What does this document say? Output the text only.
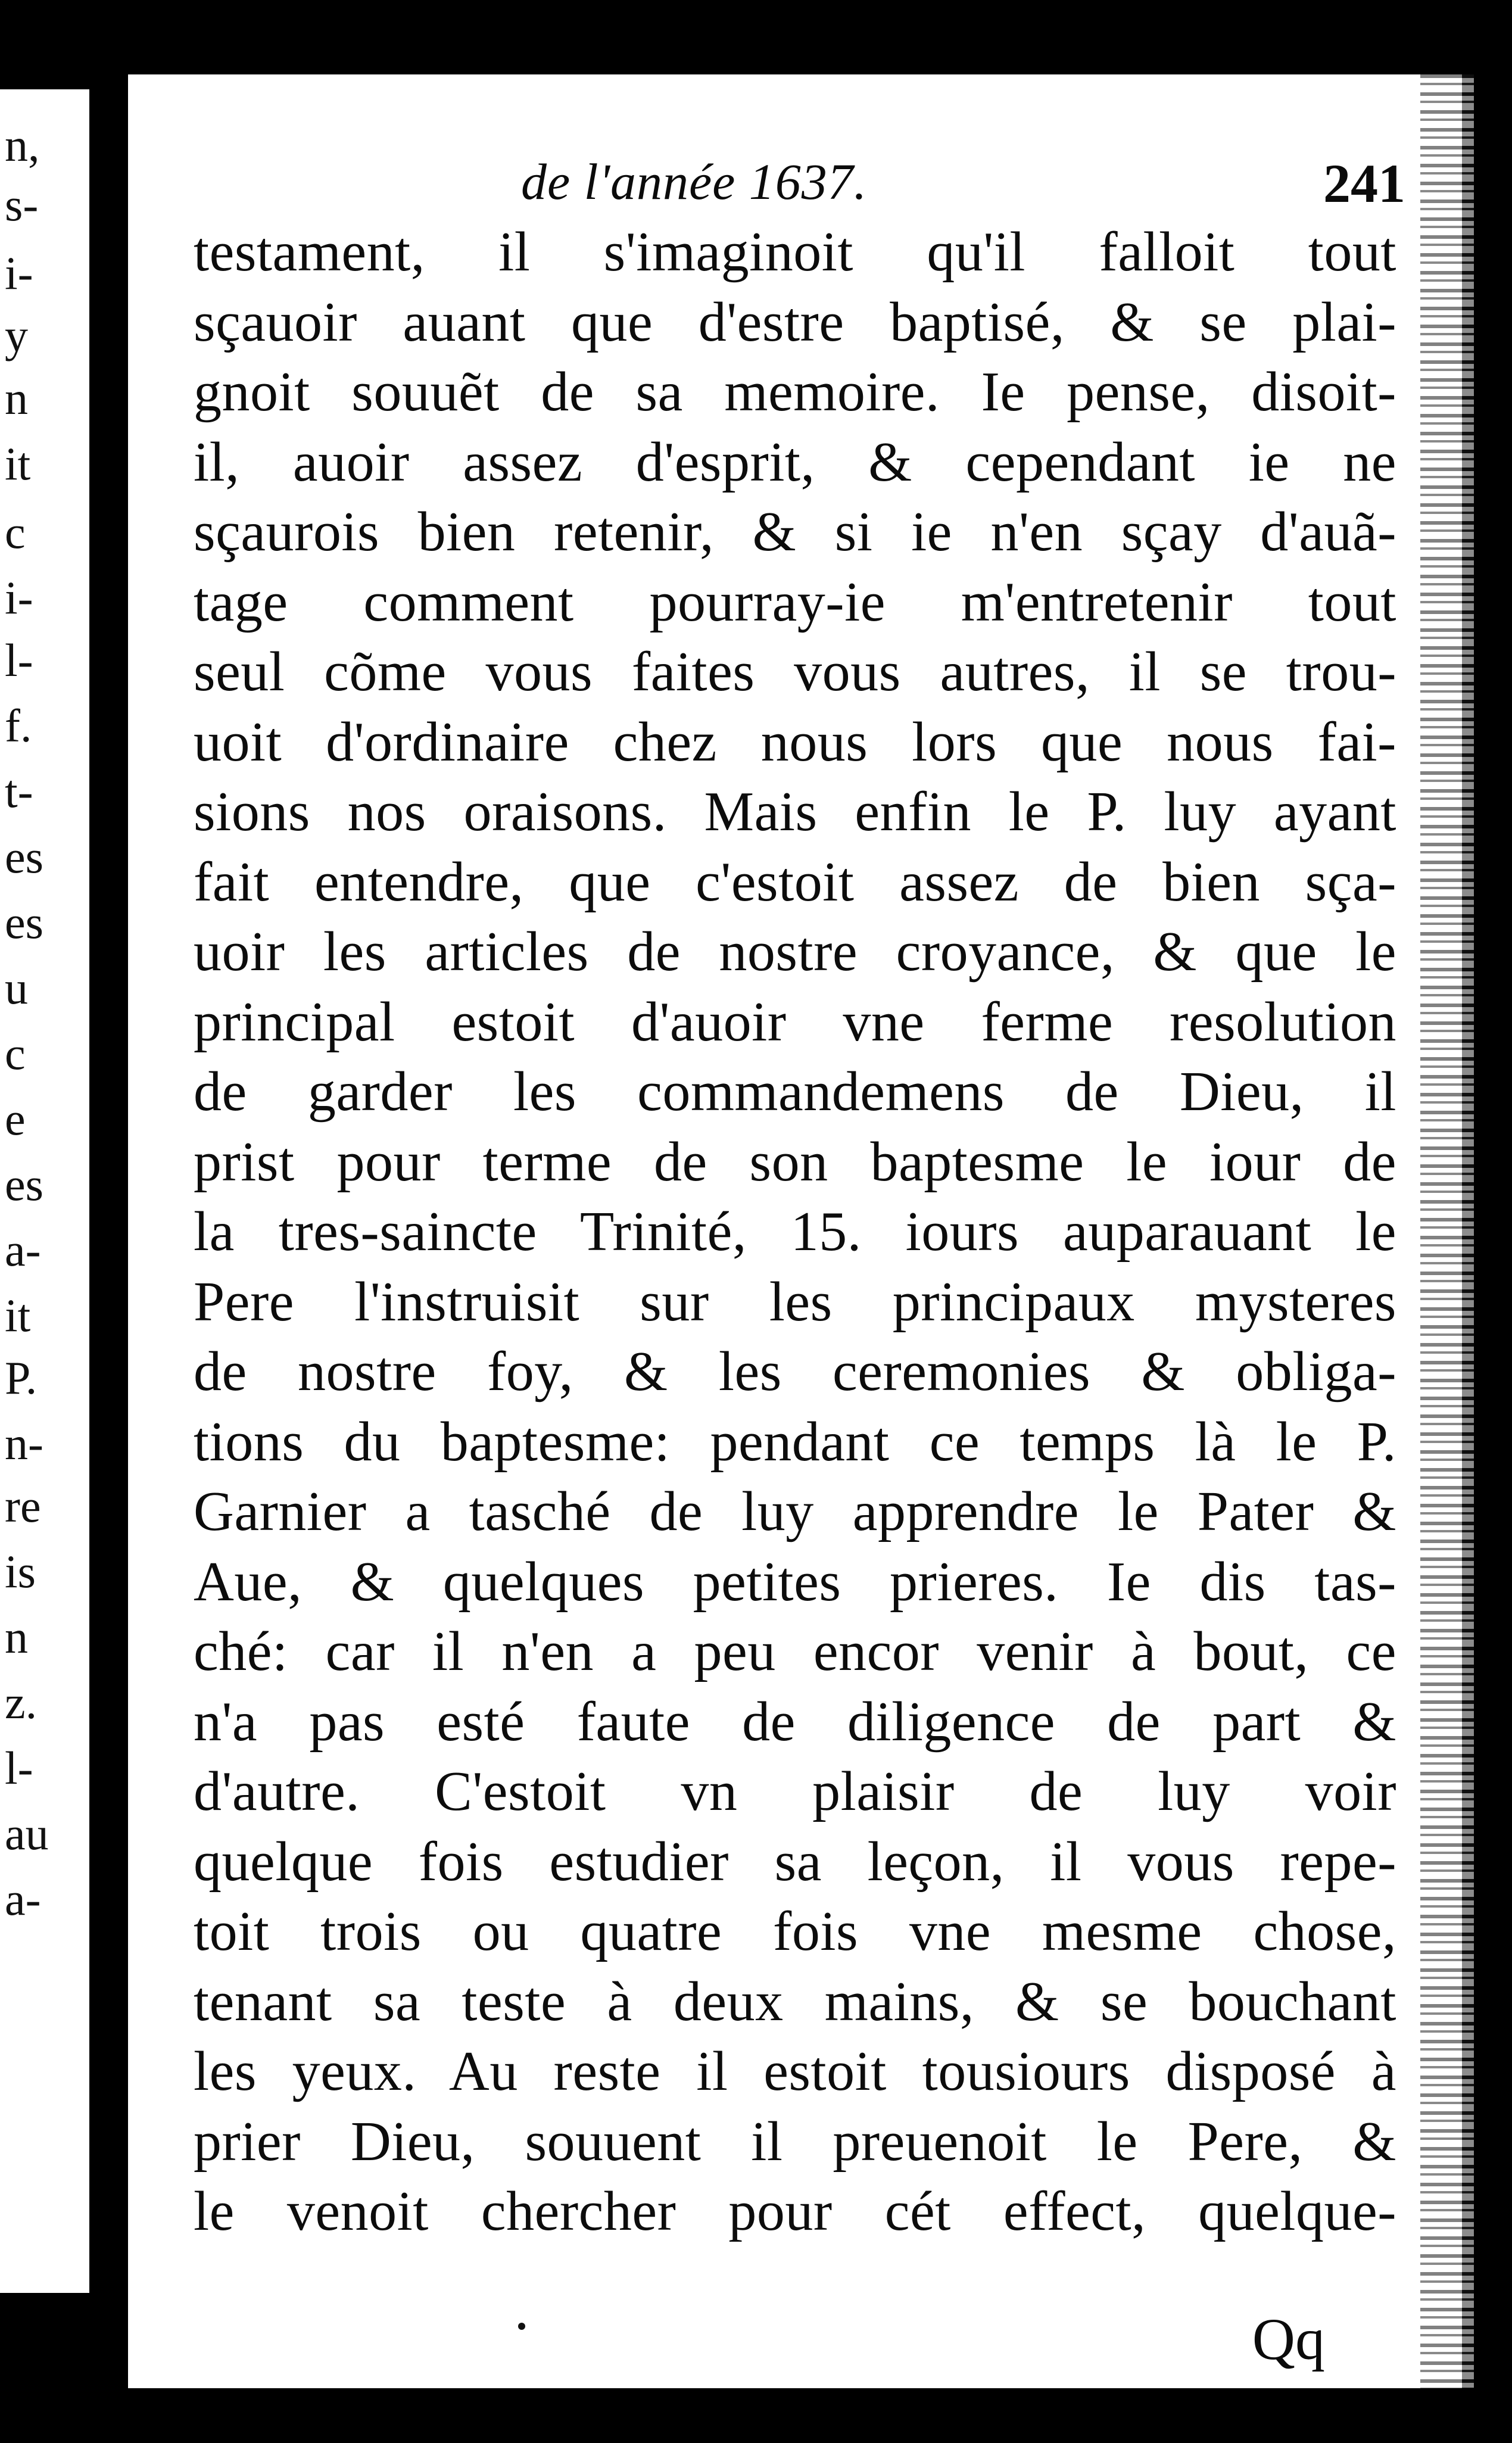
n,
s-
i-
y
n
it
c
i-
l-
f.
t-
es
es
u
c
e
es
a-
it
P.
n-
re
is
n
z.
l-
au
a-
de l'année 1637.	241
testament, il s'imaginoit qu'il falloit tout
sçauoir auant que d'estre baptisé, & se plai-
gnoit souuẽt de sa memoire. Ie pense, disoit-
il, auoir assez d'esprit, & cependant ie ne
sçaurois bien retenir, & si ie n'en sçay d'auã-
tage comment pourray-ie m'entretenir tout
seul cõme vous faites vous autres, il se trou-
uoit d'ordinaire chez nous lors que nous fai-
sions nos oraisons. Mais enfin le P. luy ayant
fait entendre, que c'estoit assez de bien sça-
uoir les articles de nostre croyance, & que le
principal estoit d'auoir vne ferme resolution
de garder les commandemens de Dieu, il
prist pour terme de son baptesme le iour de
la tres-saincte Trinité, 15. iours auparauant le
Pere l'instruisit sur les principaux mysteres
de nostre foy, & les ceremonies & obliga-
tions du baptesme: pendant ce temps là le P.
Garnier a tasché de luy apprendre le Pater &
Aue, & quelques petites prieres. Ie dis tas-
ché: car il n'en a peu encor venir à bout, ce
n'a pas esté faute de diligence de part &
d'autre. C'estoit vn plaisir de luy voir
quelque fois estudier sa leçon, il vous repe-
toit trois ou quatre fois vne mesme chose,
tenant sa teste à deux mains, & se bouchant
les yeux. Au reste il estoit tousiours disposé à
prier Dieu, souuent il preuenoit le Pere, &
le venoit chercher pour cét effect, quelque-
Qq
